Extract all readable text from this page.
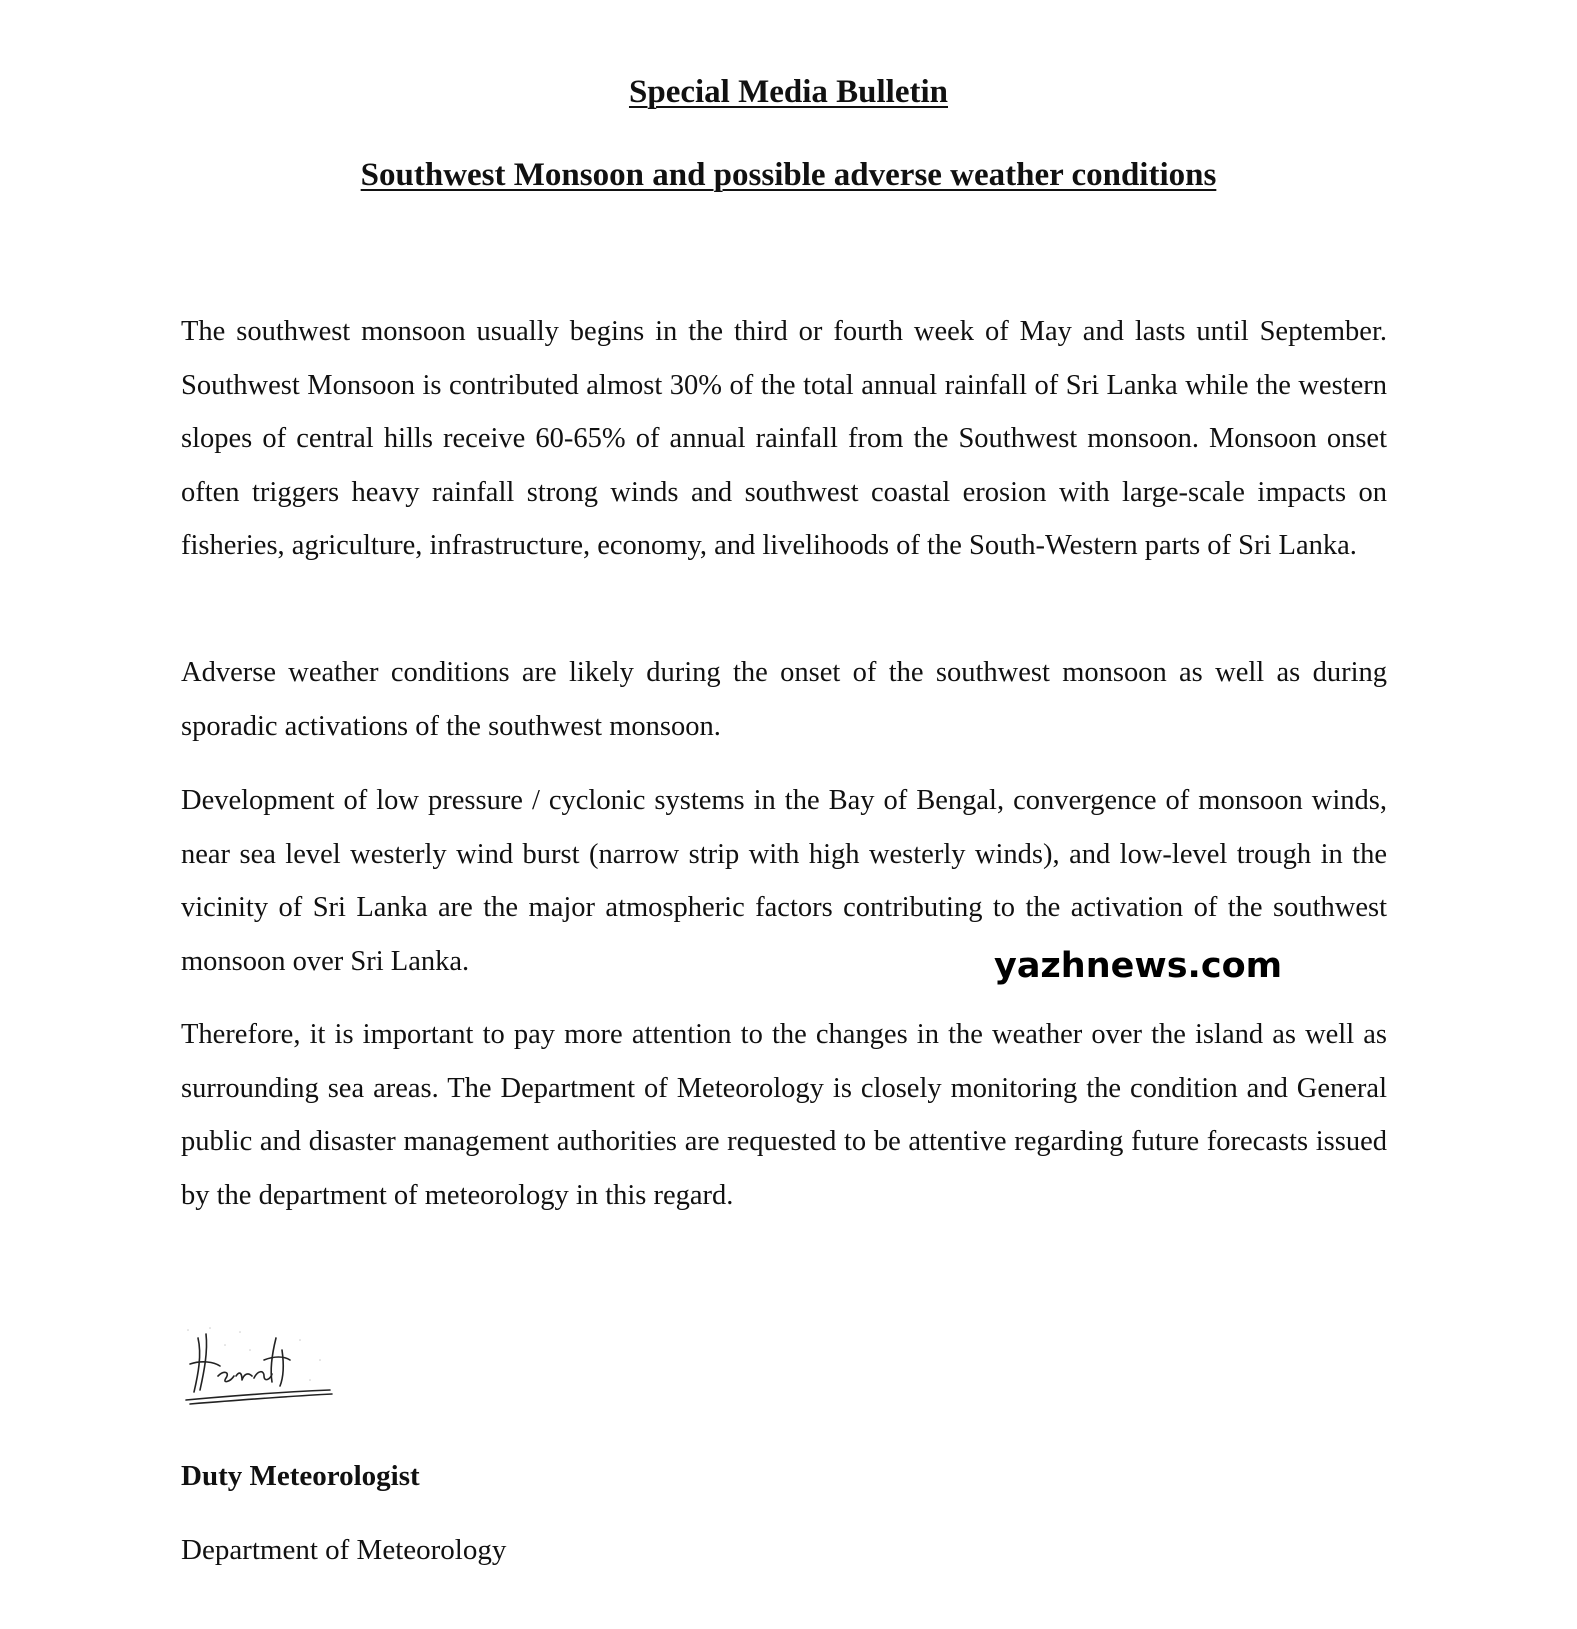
Special Media Bulletin
Southwest Monsoon and possible adverse weather conditions

The southwest monsoon usually begins in the third or fourth week of May and lasts until September. Southwest Monsoon is contributed almost 30% of the total annual rainfall of Sri Lanka while the western slopes of central hills receive 60-65% of annual rainfall from the Southwest monsoon. Monsoon onset often triggers heavy rainfall strong winds and southwest coastal erosion with large-scale impacts on fisheries, agriculture, infrastructure, economy, and livelihoods of the South-Western parts of Sri Lanka.

Adverse weather conditions are likely during the onset of the southwest monsoon as well as during sporadic activations of the southwest monsoon.

Development of low pressure / cyclonic systems in the Bay of Bengal, convergence of monsoon winds, near sea level westerly wind burst (narrow strip with high westerly winds), and low-level trough in the vicinity of Sri Lanka are the major atmospheric factors contributing to the activation of the southwest monsoon over Sri Lanka.

Therefore, it is important to pay more attention to the changes in the weather over the island as well as surrounding sea areas. The Department of Meteorology is closely monitoring the condition and General public and disaster management authorities are requested to be attentive regarding future forecasts issued by the department of meteorology in this regard.

yazhnews.com
Duty Meteorologist
Department of Meteorology
